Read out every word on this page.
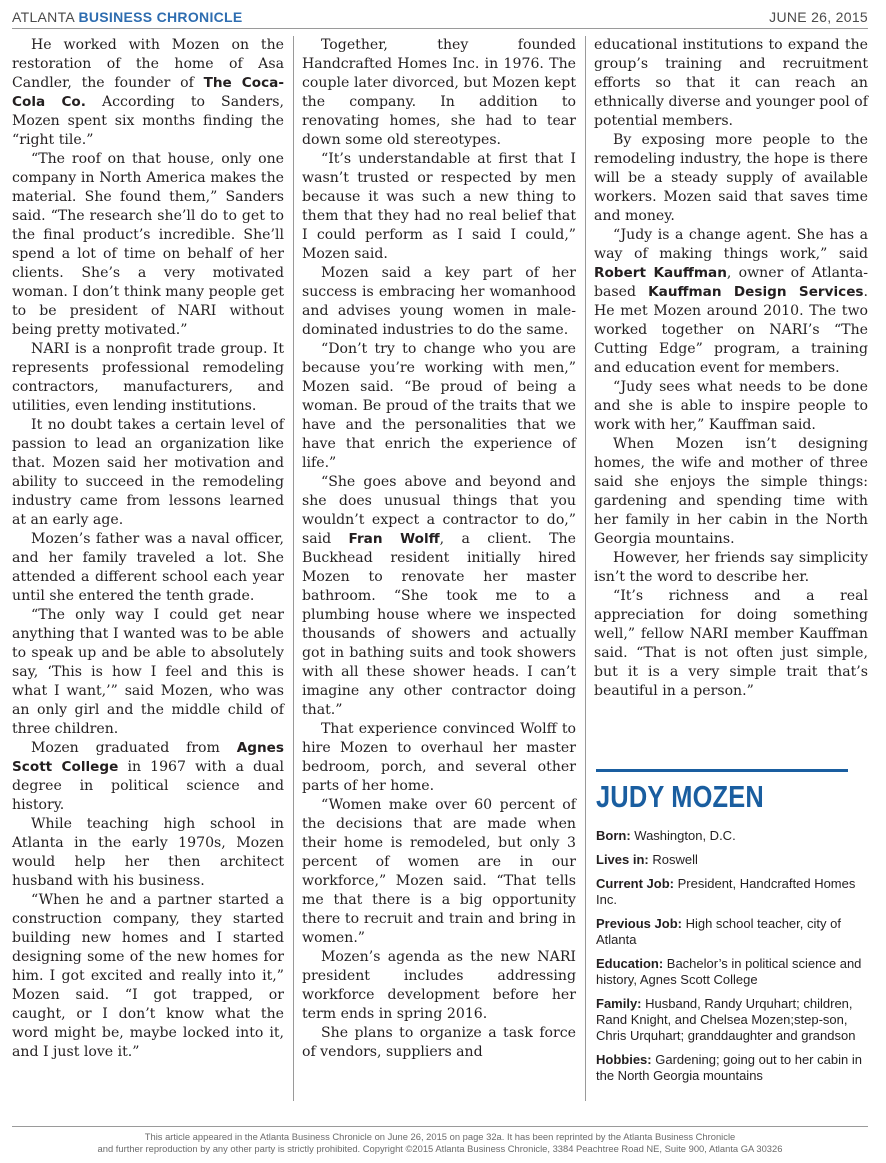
ATLANTA BUSINESS CHRONICLE	JUNE 26, 2015

He worked with Mozen on the restoration of the home of Asa Candler, the founder of The Coca-Cola Co. According to Sanders, Mozen spent six months finding the “right tile.”

“The roof on that house, only one company in North America makes the material. She found them,” Sanders said. “The research she’ll do to get to the final product’s incredible. She’ll spend a lot of time on behalf of her clients. She’s a very motivated woman. I don’t think many people get to be president of NARI without being pretty motivated.”

NARI is a nonprofit trade group. It represents professional remodeling contractors, manufacturers, and utilities, even lending institutions.

It no doubt takes a certain level of passion to lead an organization like that. Mozen said her motivation and ability to succeed in the remodeling industry came from lessons learned at an early age.

Mozen’s father was a naval officer, and her family traveled a lot. She attended a different school each year until she entered the tenth grade.

“The only way I could get near anything that I wanted was to be able to speak up and be able to absolutely say, ‘This is how I feel and this is what I want,’” said Mozen, who was an only girl and the middle child of three children.

Mozen graduated from Agnes Scott College in 1967 with a dual degree in political science and history.

While teaching high school in Atlanta in the early 1970s, Mozen would help her then architect husband with his business.

“When he and a partner started a construction company, they started building new homes and I started designing some of the new homes for him. I got excited and really into it,” Mozen said. “I got trapped, or caught, or I don’t know what the word might be, maybe locked into it, and I just love it.”

Together, they founded Handcrafted Homes Inc. in 1976. The couple later divorced, but Mozen kept the company. In addition to renovating homes, she had to tear down some old stereotypes.

“It’s understandable at first that I wasn’t trusted or respected by men because it was such a new thing to them that they had no real belief that I could perform as I said I could,” Mozen said.

Mozen said a key part of her success is embracing her womanhood and advises young women in male-dominated industries to do the same.

“Don’t try to change who you are because you’re working with men,” Mozen said. “Be proud of being a woman. Be proud of the traits that we have and the personalities that we have that enrich the experience of life.”

“She goes above and beyond and she does unusual things that you wouldn’t expect a contractor to do,” said Fran Wolff, a client. The Buckhead resident initially hired Mozen to renovate her master bathroom. “She took me to a plumbing house where we inspected thousands of showers and actually got in bathing suits and took showers with all these shower heads. I can’t imagine any other contractor doing that.”

That experience convinced Wolff to hire Mozen to overhaul her master bedroom, porch, and several other parts of her home.

“Women make over 60 percent of the decisions that are made when their home is remodeled, but only 3 percent of women are in our workforce,” Mozen said. “That tells me that there is a big opportunity there to recruit and train and bring in women.”

Mozen’s agenda as the new NARI president includes addressing workforce development before her term ends in spring 2016.

She plans to organize a task force of vendors, suppliers and

educational institutions to expand the group’s training and recruitment efforts so that it can reach an ethnically diverse and younger pool of potential members.

By exposing more people to the remodeling industry, the hope is there will be a steady supply of available workers. Mozen said that saves time and money.

“Judy is a change agent. She has a way of making things work,” said Robert Kauffman, owner of Atlanta-based Kauffman Design Services. He met Mozen around 2010. The two worked together on NARI’s “The Cutting Edge” program, a training and education event for members.

“Judy sees what needs to be done and she is able to inspire people to work with her,” Kauffman said.

When Mozen isn’t designing homes, the wife and mother of three said she enjoys the simple things: gardening and spending time with her family in her cabin in the North Georgia mountains.

However, her friends say simplicity isn’t the word to describe her.

“It’s richness and a real appreciation for doing something well,” fellow NARI member Kauffman said. “That is not often just simple, but it is a very simple trait that’s beautiful in a person.”

JUDY MOZEN
Born: Washington, D.C.
Lives in: Roswell
Current Job: President, Handcrafted Homes Inc.
Previous Job: High school teacher, city of Atlanta
Education: Bachelor’s in political science and history, Agnes Scott College
Family: Husband, Randy Urquhart; children, Rand Knight, and Chelsea Mozen;step-son, Chris Urquhart; granddaughter and grandson
Hobbies: Gardening; going out to her cabin in the North Georgia mountains
This article appeared in the Atlanta Business Chronicle on June 26, 2015 on page 32a. It has been reprinted by the Atlanta Business Chronicle
and further reproduction by any other party is strictly prohibited. Copyright ©2015 Atlanta Business Chronicle, 3384 Peachtree Road NE, Suite 900, Atlanta GA 30326
